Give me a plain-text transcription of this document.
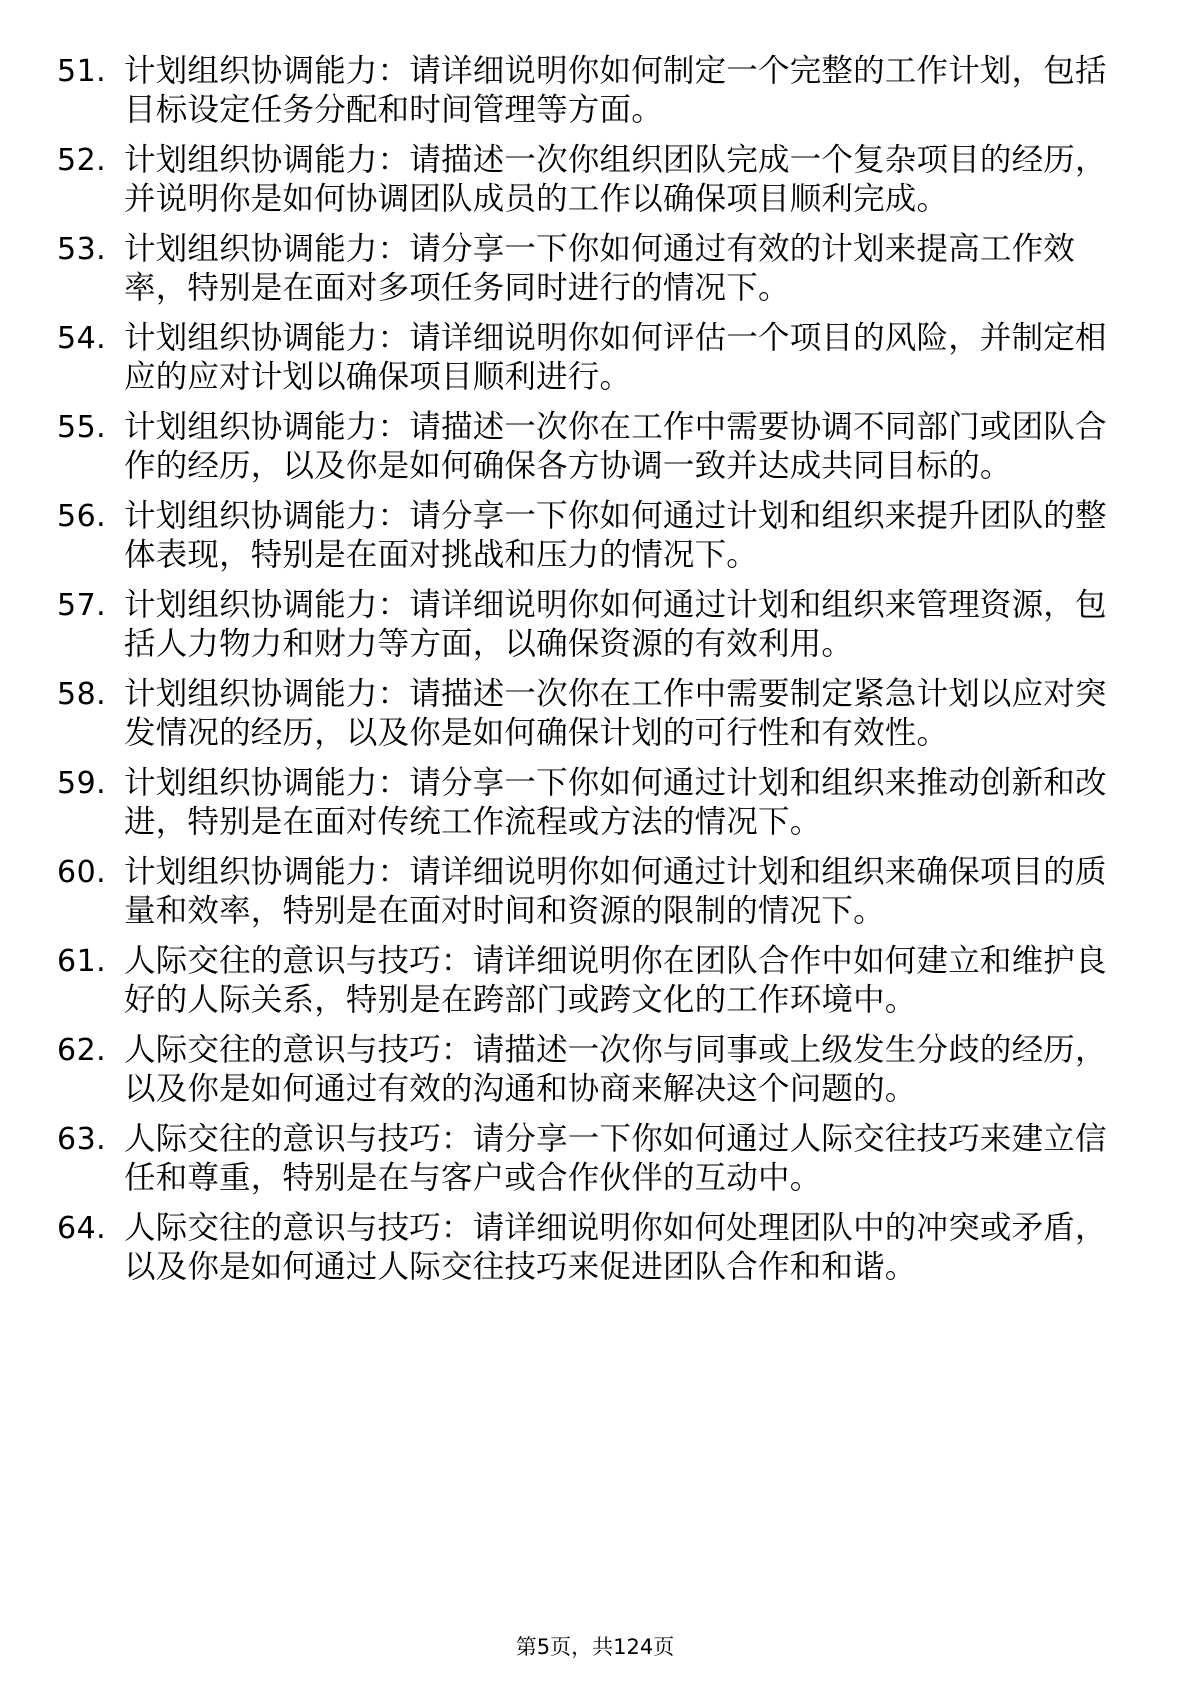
51. 计划组织协调能力：请详细说明你如何制定一个完整的工作计划，包括目标设定任务分配和时间管理等方面。
52. 计划组织协调能力：请描述一次你组织团队完成一个复杂项目的经历，并说明你是如何协调团队成员的工作以确保项目顺利完成。
53. 计划组织协调能力：请分享一下你如何通过有效的计划来提高工作效率，特别是在面对多项任务同时进行的情况下。
54. 计划组织协调能力：请详细说明你如何评估一个项目的风险，并制定相应的应对计划以确保项目顺利进行。
55. 计划组织协调能力：请描述一次你在工作中需要协调不同部门或团队合作的经历，以及你是如何确保各方协调一致并达成共同目标的。
56. 计划组织协调能力：请分享一下你如何通过计划和组织来提升团队的整体表现，特别是在面对挑战和压力的情况下。
57. 计划组织协调能力：请详细说明你如何通过计划和组织来管理资源，包括人力物力和财力等方面，以确保资源的有效利用。
58. 计划组织协调能力：请描述一次你在工作中需要制定紧急计划以应对突发情况的经历，以及你是如何确保计划的可行性和有效性。
59. 计划组织协调能力：请分享一下你如何通过计划和组织来推动创新和改进，特别是在面对传统工作流程或方法的情况下。
60. 计划组织协调能力：请详细说明你如何通过计划和组织来确保项目的质量和效率，特别是在面对时间和资源的限制的情况下。
61. 人际交往的意识与技巧：请详细说明你在团队合作中如何建立和维护良好的人际关系，特别是在跨部门或跨文化的工作环境中。
62. 人际交往的意识与技巧：请描述一次你与同事或上级发生分歧的经历，以及你是如何通过有效的沟通和协商来解决这个问题的。
63. 人际交往的意识与技巧：请分享一下你如何通过人际交往技巧来建立信任和尊重，特别是在与客户或合作伙伴的互动中。
64. 人际交往的意识与技巧：请详细说明你如何处理团队中的冲突或矛盾，以及你是如何通过人际交往技巧来促进团队合作和和谐。
第5页，共124页
